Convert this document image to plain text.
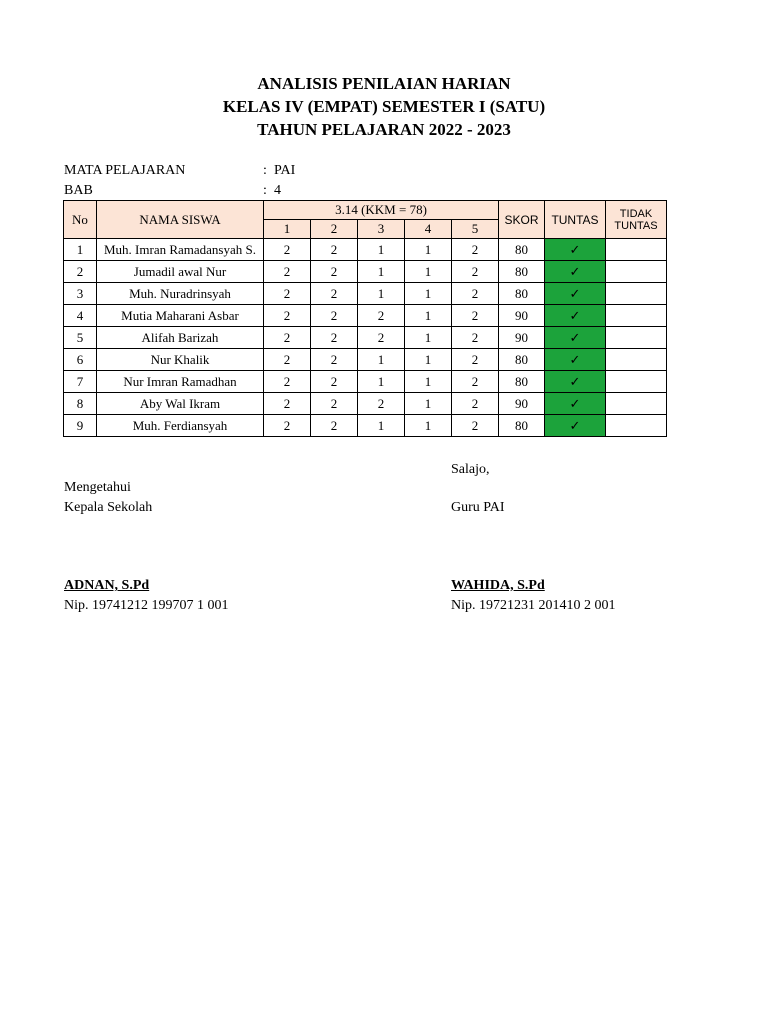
ANALISIS PENILAIAN HARIAN
KELAS IV (EMPAT) SEMESTER I (SATU)
TAHUN PELAJARAN 2022 - 2023
MATA PELAJARAN	: PAI
BAB	: 4
No	NAMA SISWA	3.14 (KKM = 78)					SKOR	TUNTAS	TIDAK TUNTAS
		1	2	3	4	5			
1	Muh. Imran Ramadansyah S.	2	2	1	1	2	80	✓	
2	Jumadil awal Nur	2	2	1	1	2	80	✓	
3	Muh. Nuradrinsyah	2	2	1	1	2	80	✓	
4	Mutia Maharani Asbar	2	2	2	1	2	90	✓	
5	Alifah Barizah	2	2	2	1	2	90	✓	
6	Nur Khalik	2	2	1	1	2	80	✓	
7	Nur Imran Ramadhan	2	2	1	1	2	80	✓	
8	Aby Wal Ikram	2	2	2	1	2	90	✓	
9	Muh. Ferdiansyah	2	2	1	1	2	80	✓	
Salajo,
Mengetahui
Kepala Sekolah	Guru PAI
ADNAN, S.Pd
Nip. 19741212 199707 1 001
WAHIDA, S.Pd
Nip. 19721231 201410 2 001
